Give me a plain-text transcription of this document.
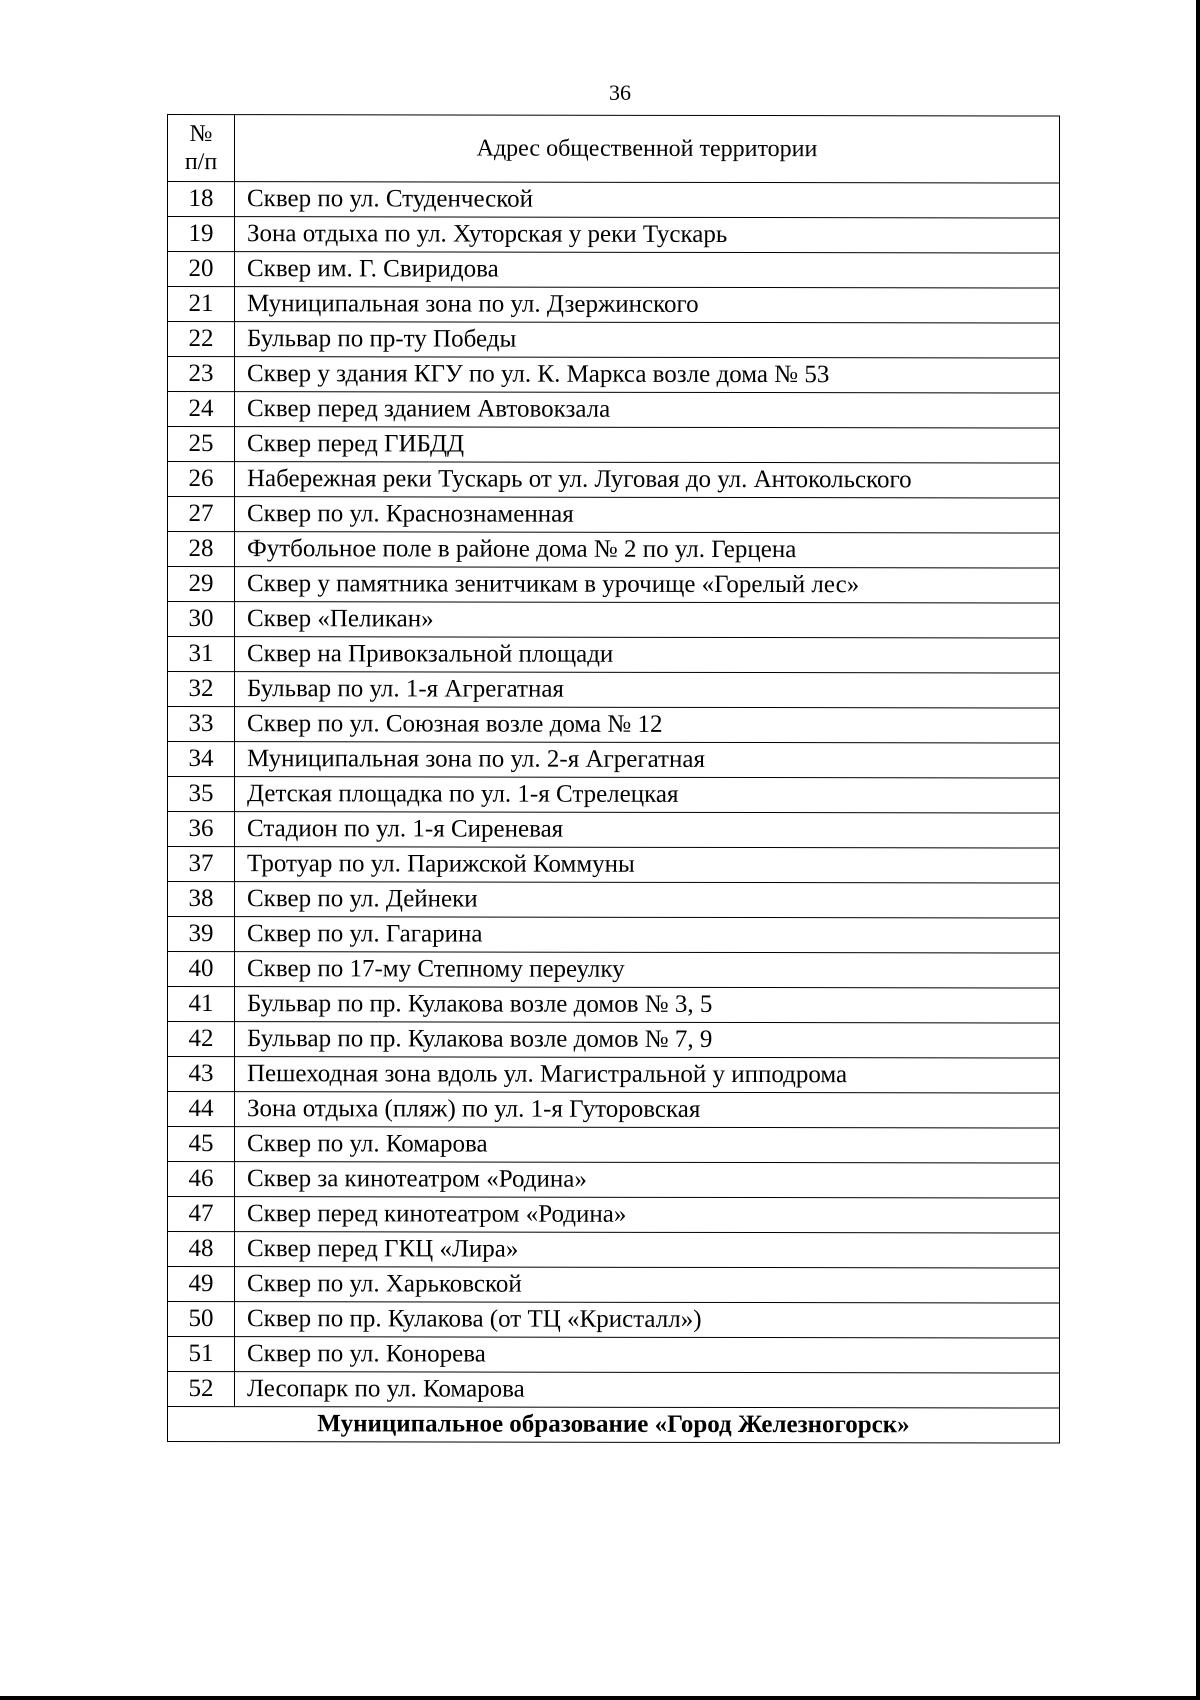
36
№
п/п	Адрес общественной территории
18	Сквер по ул. Студенческой
19	Зона отдыха по ул. Хуторская у реки Тускарь
20	Сквер им. Г. Свиридова
21	Муниципальная зона по ул. Дзержинского
22	Бульвар по пр-ту Победы
23	Сквер у здания КГУ по ул. К. Маркса возле дома № 53
24	Сквер перед зданием Автовокзала
25	Сквер перед ГИБДД
26	Набережная реки Тускарь от ул. Луговая до ул. Антокольского
27	Сквер по ул. Краснознаменная
28	Футбольное поле в районе дома № 2 по ул. Герцена
29	Сквер у памятника зенитчикам в урочище «Горелый лес»
30	Сквер «Пеликан»
31	Сквер на Привокзальной площади
32	Бульвар по ул. 1-я Агрегатная
33	Сквер по ул. Союзная возле дома № 12
34	Муниципальная зона по ул. 2-я Агрегатная
35	Детская площадка по ул. 1-я Стрелецкая
36	Стадион по ул. 1-я Сиреневая
37	Тротуар по ул. Парижской Коммуны
38	Сквер по ул. Дейнеки
39	Сквер по ул. Гагарина
40	Сквер по 17-му Степному переулку
41	Бульвар по пр. Кулакова возле домов № 3, 5
42	Бульвар по пр. Кулакова возле домов № 7, 9
43	Пешеходная зона вдоль ул. Магистральной у ипподрома
44	Зона отдыха (пляж) по ул. 1-я Гуторовская
45	Сквер по ул. Комарова
46	Сквер за кинотеатром «Родина»
47	Сквер перед кинотеатром «Родина»
48	Сквер перед ГКЦ «Лира»
49	Сквер по ул. Харьковской
50	Сквер по пр. Кулакова (от ТЦ «Кристалл»)
51	Сквер по ул. Конорева
52	Лесопарк по ул. Комарова
Муниципальное образование «Город Железногорск»	
